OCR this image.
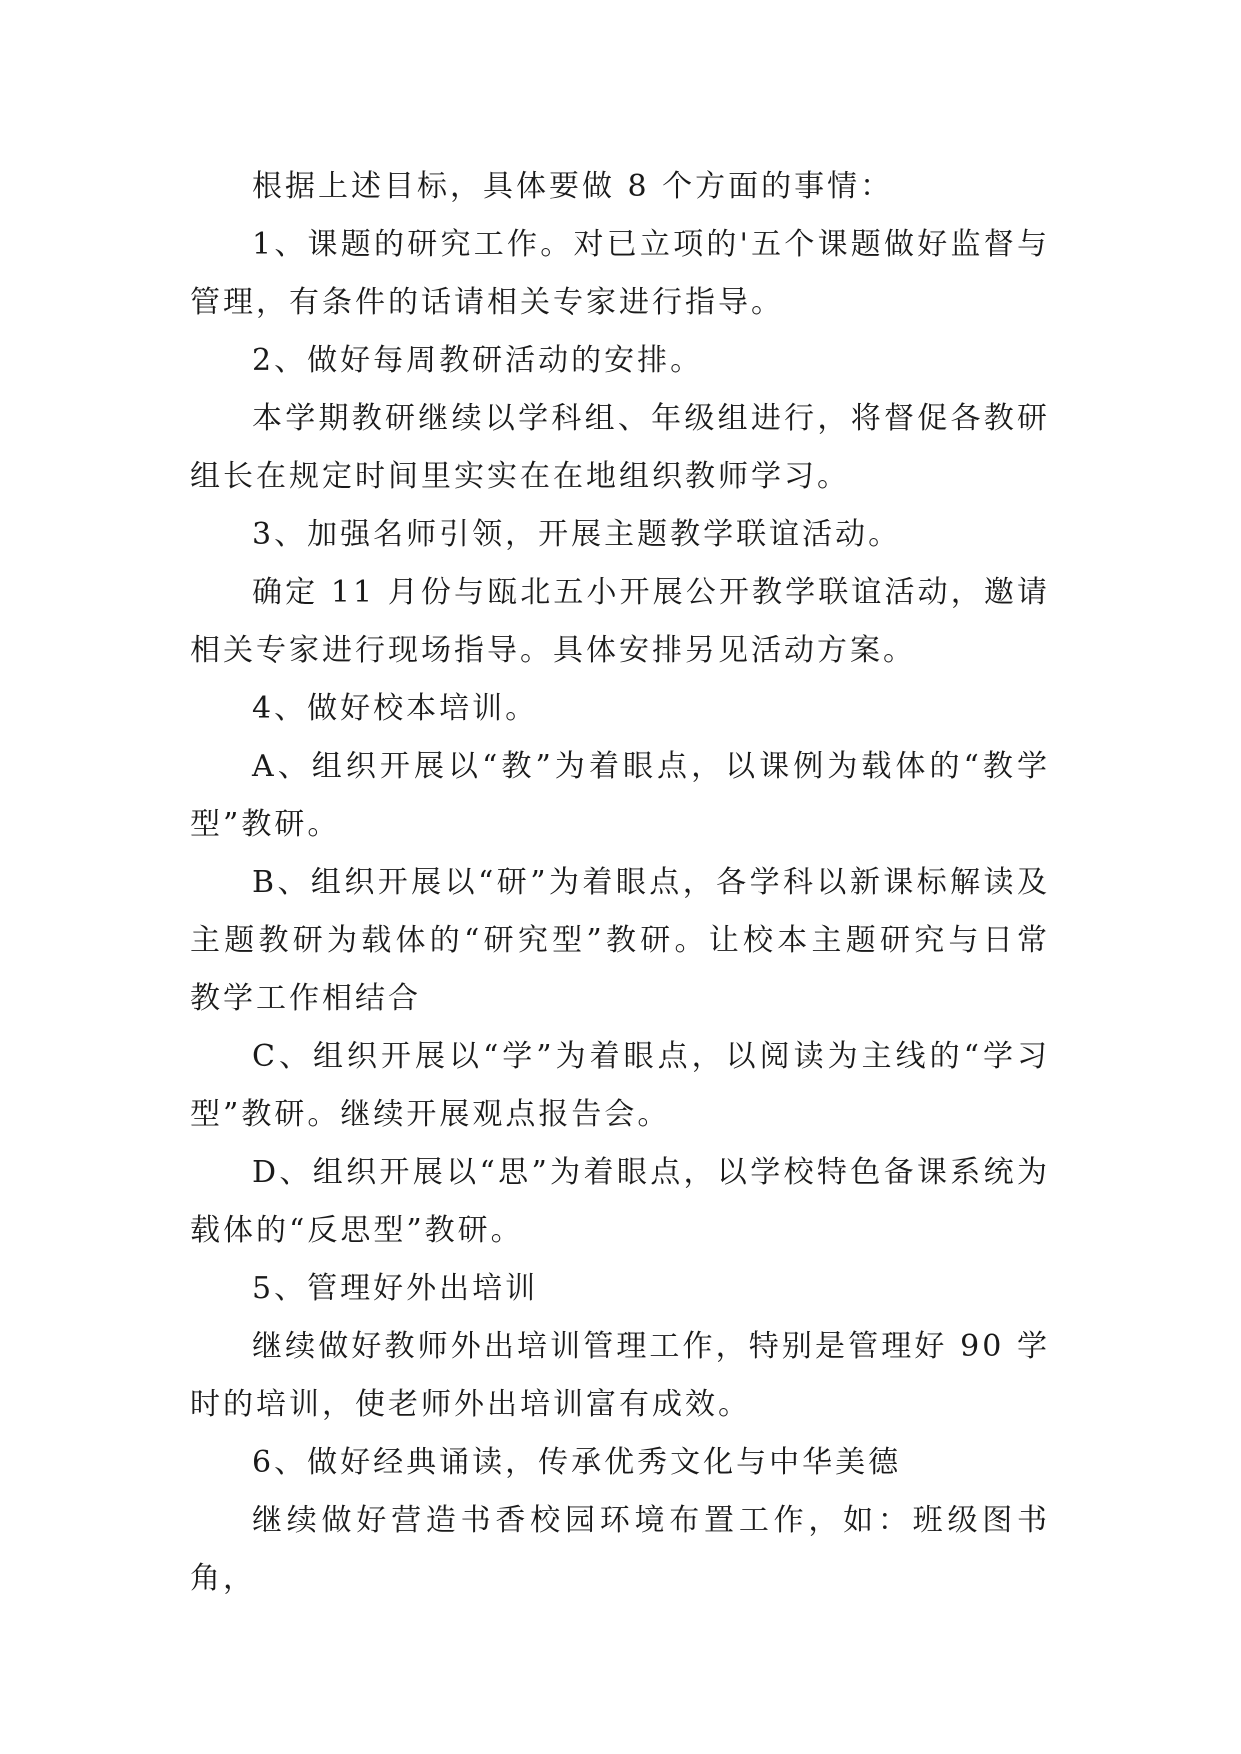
根据上述目标，具体要做 8 个方面的事情：

1、课题的研究工作。对已立项的'五个课题做好监督与管理，有条件的话请相关专家进行指导。

2、做好每周教研活动的安排。

本学期教研继续以学科组、年级组进行，将督促各教研组长在规定时间里实实在在地组织教师学习。

3、加强名师引领，开展主题教学联谊活动。

确定 11 月份与瓯北五小开展公开教学联谊活动，邀请相关专家进行现场指导。具体安排另见活动方案。

4、做好校本培训。

A、组织开展以“教”为着眼点，以课例为载体的“教学型”教研。

B、组织开展以“研”为着眼点，各学科以新课标解读及主题教研为载体的“研究型”教研。让校本主题研究与日常教学工作相结合

C、组织开展以“学”为着眼点，以阅读为主线的“学习型”教研。继续开展观点报告会。

D、组织开展以“思”为着眼点，以学校特色备课系统为载体的“反思型”教研。

5、管理好外出培训

继续做好教师外出培训管理工作，特别是管理好 90 学时的培训，使老师外出培训富有成效。

6、做好经典诵读，传承优秀文化与中华美德

继续做好营造书香校园环境布置工作，如：班级图书角，
